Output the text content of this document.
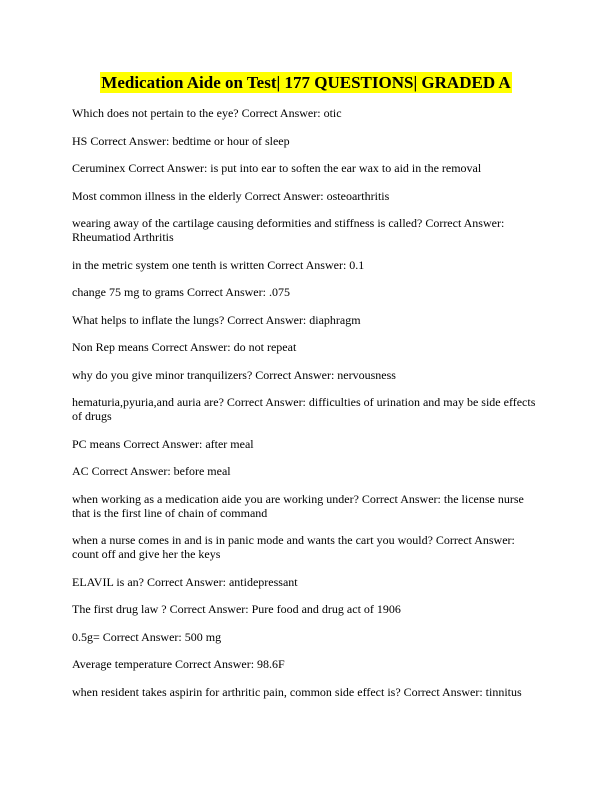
Medication Aide on Test| 177 QUESTIONS| GRADED A
Which does not pertain to the eye? Correct Answer: otic
HS Correct Answer: bedtime or hour of sleep
Ceruminex Correct Answer: is put into ear to soften the ear wax to aid in the removal
Most common illness in the elderly Correct Answer: osteoarthritis
wearing away of the cartilage causing deformities and stiffness is called? Correct Answer: Rheumatiod Arthritis
in the metric system one tenth is written Correct Answer: 0.1
change 75 mg to grams Correct Answer: .075
What helps to inflate the lungs? Correct Answer: diaphragm
Non Rep means Correct Answer: do not repeat
why do you give minor tranquilizers? Correct Answer: nervousness
hematuria,pyuria,and auria are? Correct Answer: difficulties of urination and may be side effects of drugs
PC means Correct Answer: after meal
AC Correct Answer: before meal
when working as a medication aide you are working under? Correct Answer: the license nurse that is the first line of chain of command
when a nurse comes in and is in panic mode and wants the cart you would? Correct Answer: count off and give her the keys
ELAVIL is an? Correct Answer: antidepressant
The first drug law ? Correct Answer: Pure food and drug act of 1906
0.5g= Correct Answer: 500 mg
Average temperature Correct Answer: 98.6F
when resident takes aspirin for arthritic pain, common side effect is? Correct Answer: tinnitus
